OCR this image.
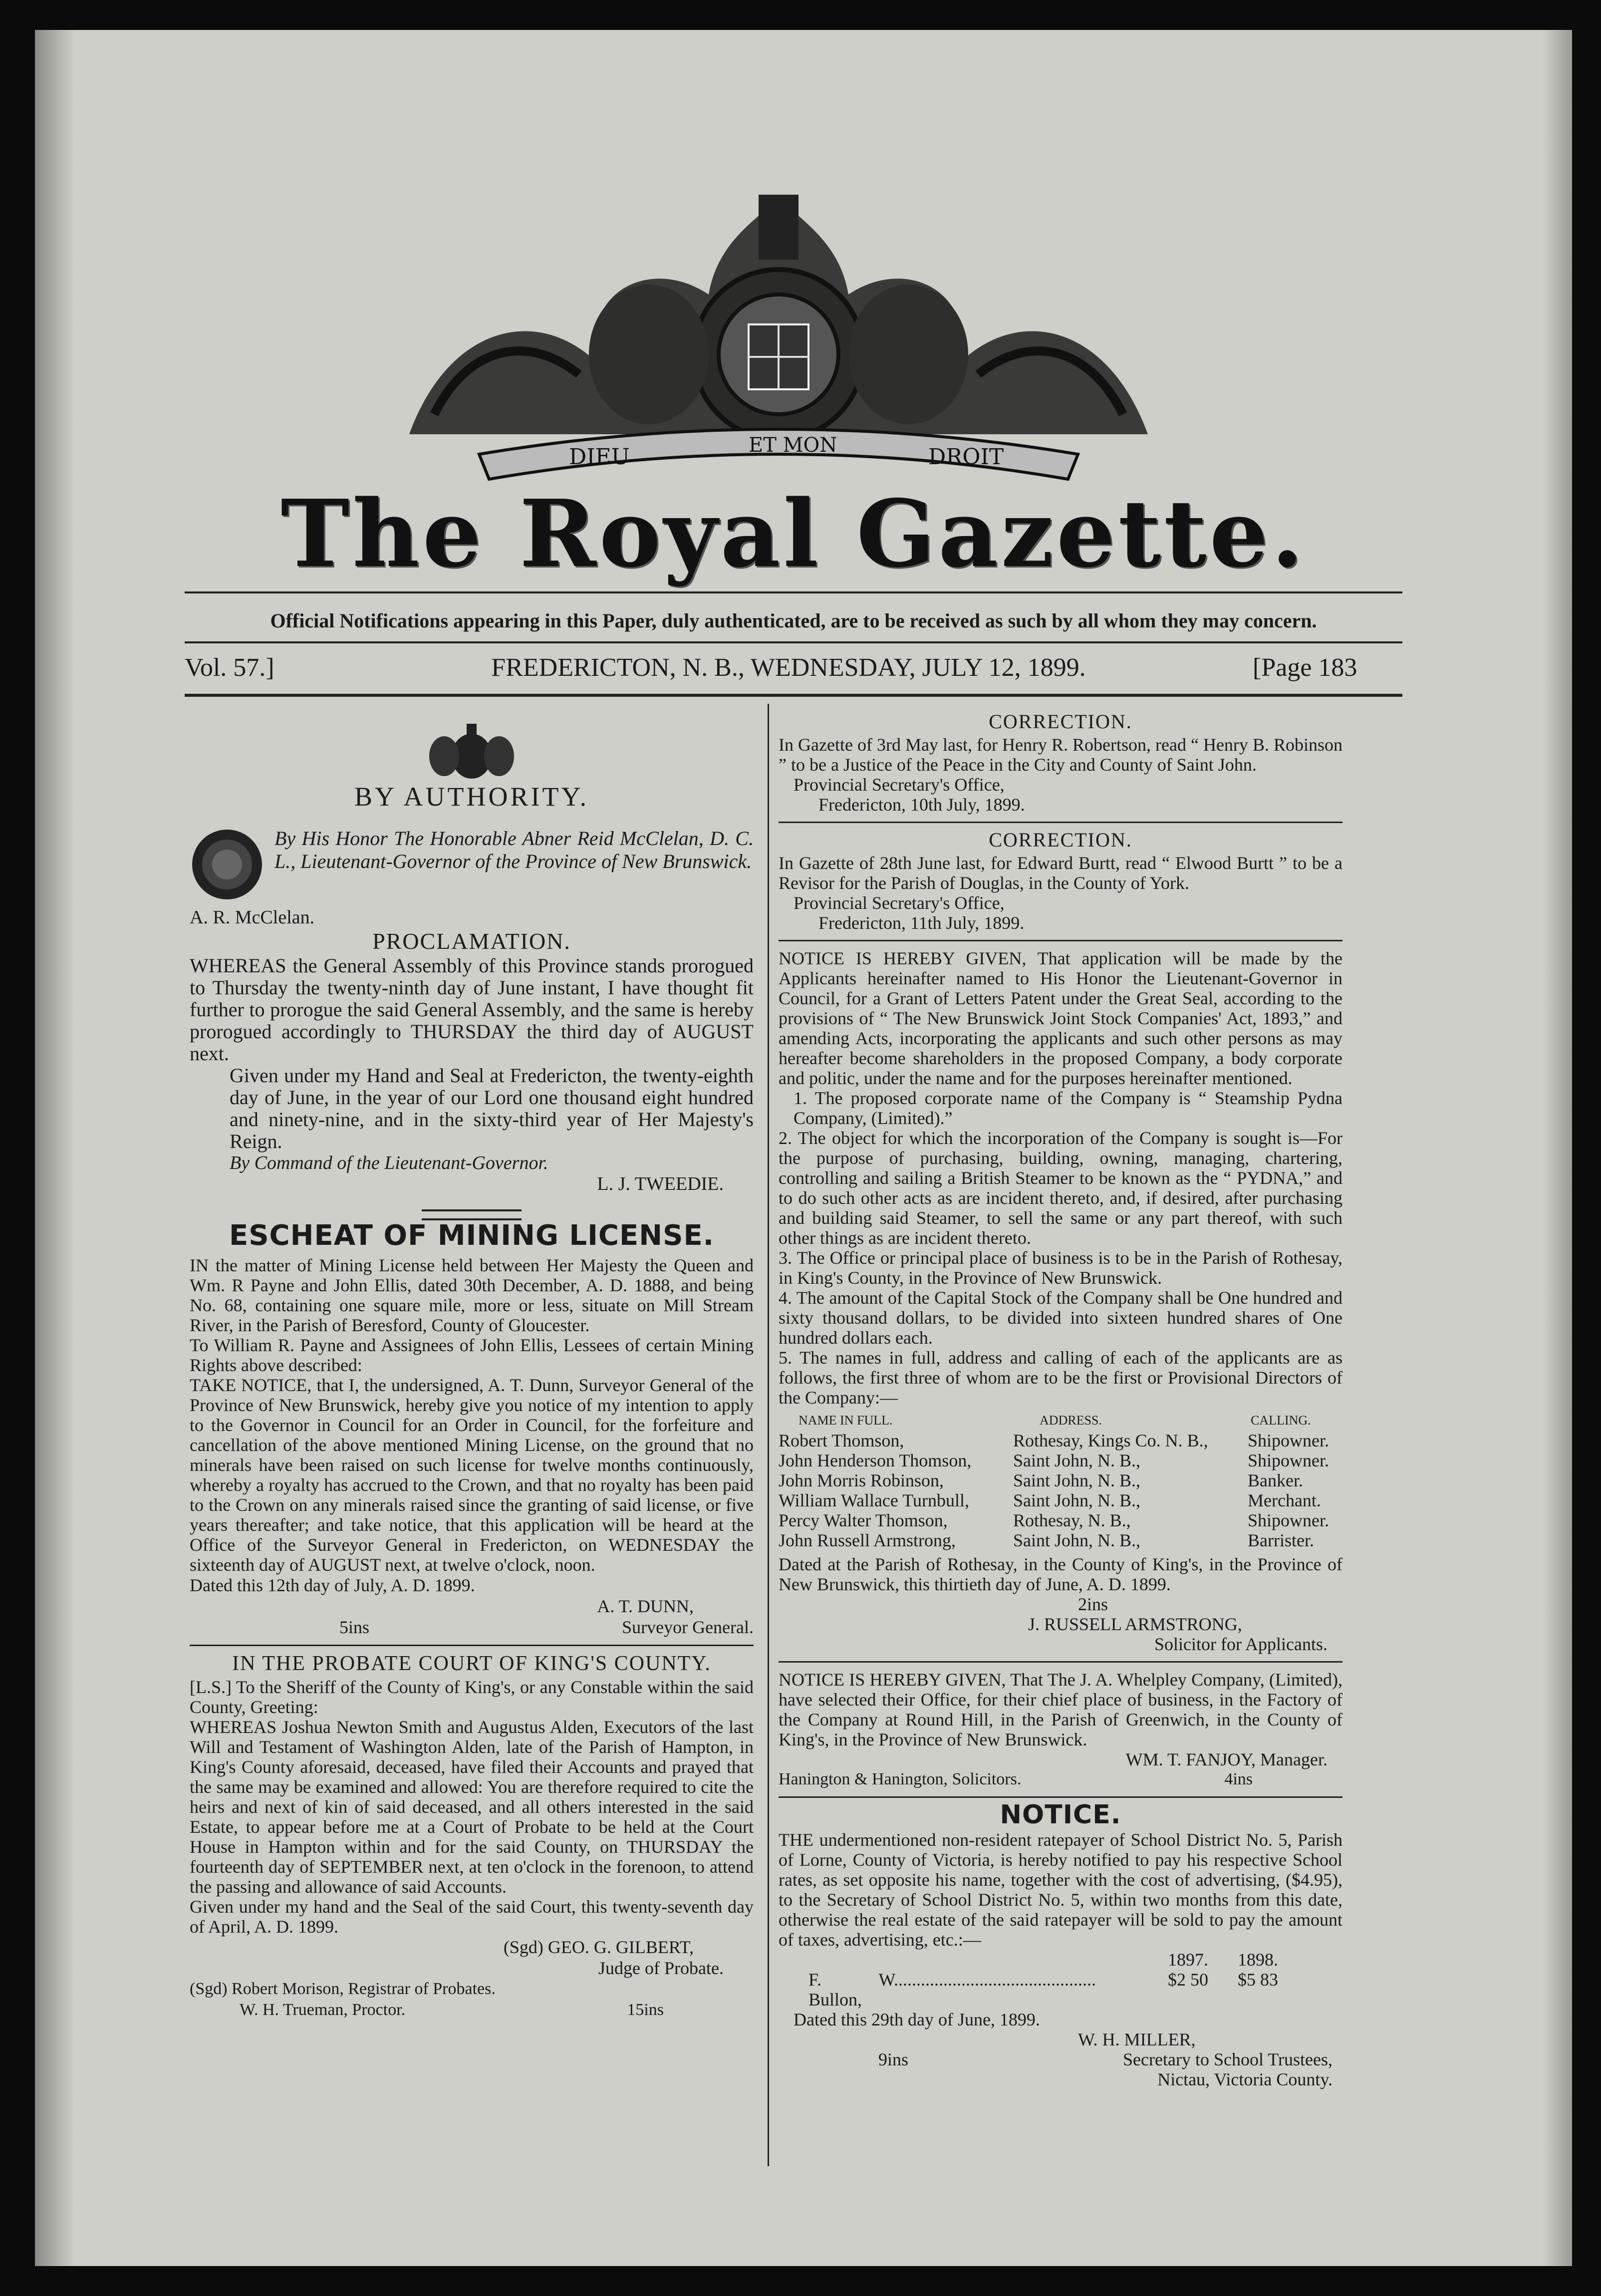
DIEU	ET MON	DROIT
The Royal Gazette.
Official Notifications appearing in this Paper, duly authenticated, are to be received as such by all whom they may concern.
Vol. 57.]	FREDERICTON, N. B., WEDNESDAY, JULY 12, 1899.	[Page 183
BY AUTHORITY.

By His Honor The Honorable Abner Reid McClelan, D. C. L., Lieutenant-Governor of the Province of New Brunswick.

A. R. McClelan.

PROCLAMATION.

WHEREAS the General Assembly of this Province stands prorogued to Thursday the twenty-ninth day of June instant, I have thought fit further to prorogue the said General Assembly, and the same is hereby prorogued accordingly to THURSDAY the third day of AUGUST next.

Given under my Hand and Seal at Fredericton, the twenty-eighth day of June, in the year of our Lord one thousand eight hundred and ninety-nine, and in the sixty-third year of Her Majesty's Reign.

By Command of the Lieutenant-Governor.

L. J. TWEEDIE.

ESCHEAT OF MINING LICENSE.

IN the matter of Mining License held between Her Majesty the Queen and Wm. R Payne and John Ellis, dated 30th December, A. D. 1888, and being No. 68, containing one square mile, more or less, situate on Mill Stream River, in the Parish of Beresford, County of Gloucester.

To William R. Payne and Assignees of John Ellis, Lessees of certain Mining Rights above described:

TAKE NOTICE, that I, the undersigned, A. T. Dunn, Surveyor General of the Province of New Brunswick, hereby give you notice of my intention to apply to the Governor in Council for an Order in Council, for the forfeiture and cancellation of the above mentioned Mining License, on the ground that no minerals have been raised on such license for twelve months continuously, whereby a royalty has accrued to the Crown, and that no royalty has been paid to the Crown on any minerals raised since the granting of said license, or five years thereafter; and take notice, that this application will be heard at the Office of the Surveyor General in Fredericton, on WEDNESDAY the sixteenth day of AUGUST next, at twelve o'clock, noon.

Dated this 12th day of July, A. D. 1899.

A. T. DUNN,

5ins	Surveyor General.
IN THE PROBATE COURT OF KING'S COUNTY.

[L.S.] To the Sheriff of the County of King's, or any Constable within the said County, Greeting:

WHEREAS Joshua Newton Smith and Augustus Alden, Executors of the last Will and Testament of Washington Alden, late of the Parish of Hampton, in King's County aforesaid, deceased, have filed their Accounts and prayed that the same may be examined and allowed: You are therefore required to cite the heirs and next of kin of said deceased, and all others interested in the said Estate, to appear before me at a Court of Probate to be held at the Court House in Hampton within and for the said County, on THURSDAY the fourteenth day of SEPTEMBER next, at ten o'clock in the forenoon, to attend the passing and allowance of said Accounts.

Given under my hand and the Seal of the said Court, this twenty-seventh day of April, A. D. 1899.

(Sgd) GEO. G. GILBERT,

Judge of Probate.

(Sgd) Robert Morison, Registrar of Probates.

W. H. Trueman, Proctor.	15ins
CORRECTION.

In Gazette of 3rd May last, for Henry R. Robertson, read “ Henry B. Robinson ” to be a Justice of the Peace in the City and County of Saint John.

Provincial Secretary's Office,

Fredericton, 10th July, 1899.

CORRECTION.

In Gazette of 28th June last, for Edward Burtt, read “ Elwood Burtt ” to be a Revisor for the Parish of Douglas, in the County of York.

Provincial Secretary's Office,

Fredericton, 11th July, 1899.

NOTICE IS HEREBY GIVEN, That application will be made by the Applicants hereinafter named to His Honor the Lieutenant-Governor in Council, for a Grant of Letters Patent under the Great Seal, according to the provisions of “ The New Brunswick Joint Stock Companies' Act, 1893,” and amending Acts, incorporating the applicants and such other persons as may hereafter become shareholders in the proposed Company, a body corporate and politic, under the name and for the purposes hereinafter mentioned.

1. The proposed corporate name of the Company is “ Steamship Pydna Company, (Limited).”

2. The object for which the incorporation of the Company is sought is—For the purpose of purchasing, building, owning, managing, chartering, controlling and sailing a British Steamer to be known as the “ PYDNA,” and to do such other acts as are incident thereto, and, if desired, after purchasing and building said Steamer, to sell the same or any part thereof, with such other things as are incident thereto.

3. The Office or principal place of business is to be in the Parish of Rothesay, in King's County, in the Province of New Brunswick.

4. The amount of the Capital Stock of the Company shall be One hundred and sixty thousand dollars, to be divided into sixteen hundred shares of One hundred dollars each.

5. The names in full, address and calling of each of the applicants are as follows, the first three of whom are to be the first or Provisional Directors of the Company:—

NAME IN FULL.	ADDRESS.	CALLING.
Robert Thomson,	Rothesay, Kings Co. N. B.,	Shipowner.
John Henderson Thomson,	Saint John, N. B.,	Shipowner.
John Morris Robinson,	Saint John, N. B.,	Banker.
William Wallace Turnbull,	Saint John, N. B.,	Merchant.
Percy Walter Thomson,	Rothesay, N. B.,	Shipowner.
John Russell Armstrong,	Saint John, N. B.,	Barrister.

Dated at the Parish of Rothesay, in the County of King's, in the Province of New Brunswick, this thirtieth day of June, A. D. 1899.

2ins

J. RUSSELL ARMSTRONG,

Solicitor for Applicants.

NOTICE IS HEREBY GIVEN, That The J. A. Whelpley Company, (Limited), have selected their Office, for their chief place of business, in the Factory of the Company at Round Hill, in the Parish of Greenwich, in the County of King's, in the Province of New Brunswick.

WM. T. FANJOY, Manager.

Hanington & Hanington, Solicitors.	4ins
NOTICE.

THE undermentioned non-resident ratepayer of School District No. 5, Parish of Lorne, County of Victoria, is hereby notified to pay his respective School rates, as set opposite his name, together with the cost of advertising, ($4.95), to the Secretary of School District No. 5, within two months from this date, otherwise the real estate of the said ratepayer will be sold to pay the amount of taxes, advertising, etc.:—

1897.	1898.
F. W. Bullon,
............................................	$2 50	$5 83

Dated this 29th day of June, 1899.

W. H. MILLER,

9ins	Secretary to School Trustees,

Nictau, Victoria County.
